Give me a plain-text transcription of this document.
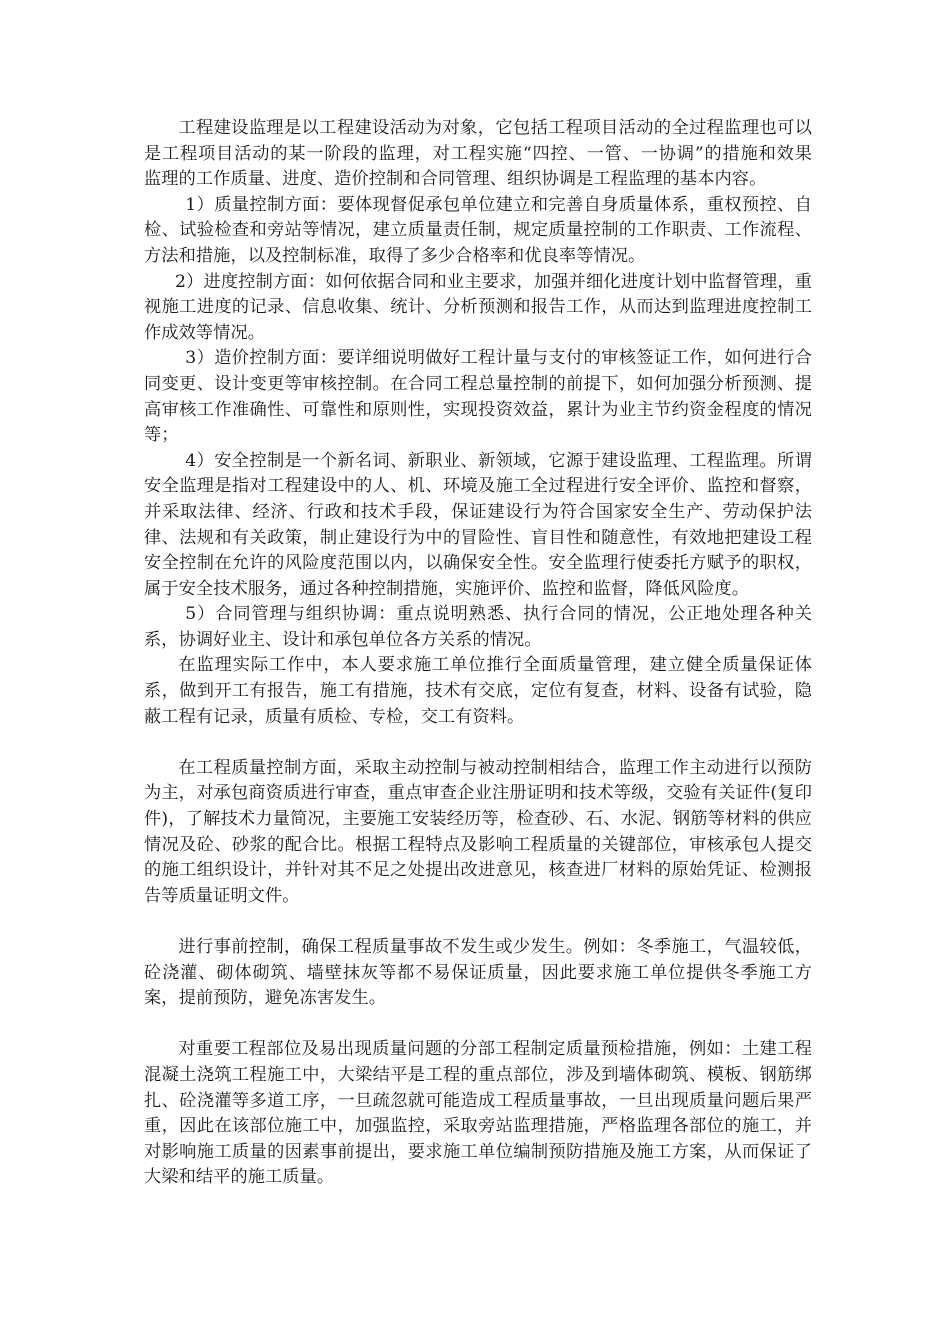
工程建设监理是以工程建设活动为对象，它包括工程项目活动的全过程监理也可以是工程项目活动的某一阶段的监理，对工程实施“四控、一管、一协调”的措施和效果　监理的工作质量、进度、造价控制和合同管理、组织协调是工程监理的基本内容。

1）质量控制方面：要体现督促承包单位建立和完善自身质量体系，重权预控、自检、试验检查和旁站等情况，建立质量责任制，规定质量控制的工作职责、工作流程、方法和措施，以及控制标准，取得了多少合格率和优良率等情况。

2）进度控制方面：如何依据合同和业主要求，加强并细化进度计划中监督管理，重视施工进度的记录、信息收集、统计、分析预测和报告工作，从而达到监理进度控制工作成效等情况。

3）造价控制方面：要详细说明做好工程计量与支付的审核签证工作，如何进行合同变更、设计变更等审核控制。在合同工程总量控制的前提下，如何加强分析预测、提高审核工作准确性、可靠性和原则性，实现投资效益，累计为业主节约资金程度的情况等；

4）安全控制是一个新名词、新职业、新领域，它源于建设监理、工程监理。所谓安全监理是指对工程建设中的人、机、环境及施工全过程进行安全评价、监控和督察，并采取法律、经济、行政和技术手段，保证建设行为符合国家安全生产、劳动保护法律、法规和有关政策，制止建设行为中的冒险性、盲目性和随意性，有效地把建设工程安全控制在允许的风险度范围以内，以确保安全性。安全监理行使委托方赋予的职权，属于安全技术服务，通过各种控制措施，实施评价、监控和监督，降低风险度。

5）合同管理与组织协调：重点说明熟悉、执行合同的情况，公正地处理各种关系，协调好业主、设计和承包单位各方关系的情况。

在监理实际工作中，本人要求施工单位推行全面质量管理，建立健全质量保证体系，做到开工有报告，施工有措施，技术有交底，定位有复查，材料、设备有试验，隐蔽工程有记录，质量有质检、专检，交工有资料。

在工程质量控制方面，采取主动控制与被动控制相结合，监理工作主动进行以预防为主，对承包商资质进行审查，重点审查企业注册证明和技术等级，交验有关证件(复印件)，了解技术力量简况，主要施工安装经历等，检查砂、石、水泥、钢筋等材料的供应情况及砼、砂浆的配合比。根据工程特点及影响工程质量的关键部位，审核承包人提交的施工组织设计，并针对其不足之处提出改进意见，核查进厂材料的原始凭证、检测报告等质量证明文件。

进行事前控制，确保工程质量事故不发生或少发生。例如：冬季施工，气温较低，砼浇灌、砌体砌筑、墙壁抹灰等都不易保证质量，因此要求施工单位提供冬季施工方案，提前预防，避免冻害发生。

对重要工程部位及易出现质量问题的分部工程制定质量预检措施，例如：土建工程混凝土浇筑工程施工中，大梁结平是工程的重点部位，涉及到墙体砌筑、模板、钢筋绑扎、砼浇灌等多道工序，一旦疏忽就可能造成工程质量事故，一旦出现质量问题后果严重，因此在该部位施工中，加强监控，采取旁站监理措施，严格监理各部位的施工，并对影响施工质量的因素事前提出，要求施工单位编制预防措施及施工方案，从而保证了大梁和结平的施工质量。
